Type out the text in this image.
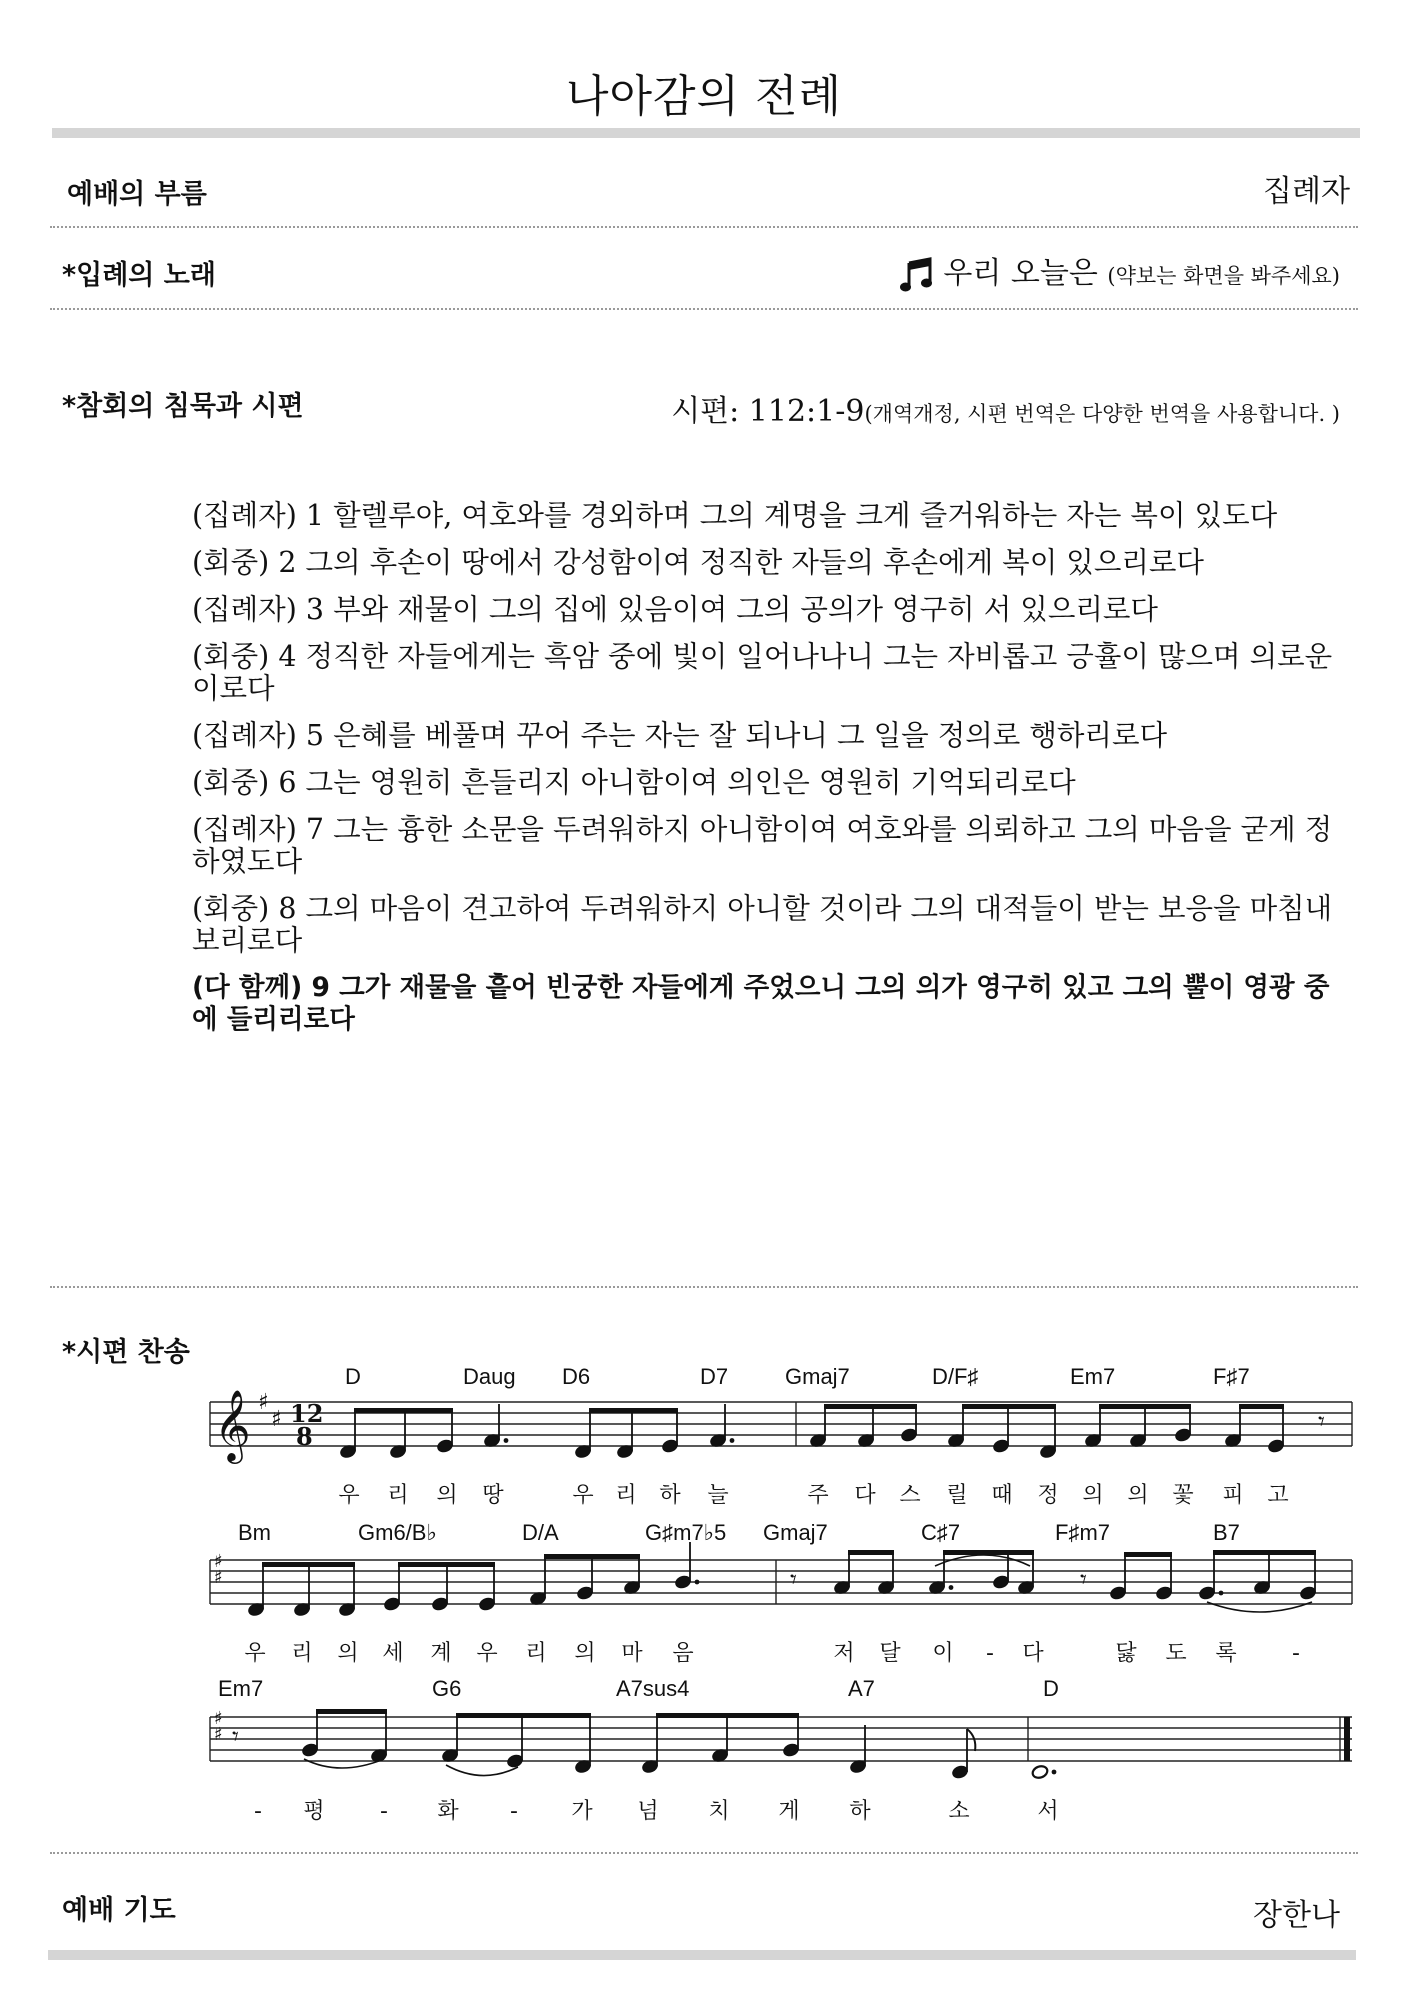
나아감의 전례
예배의 부름	집례자
*입례의 노래	우리 오늘은 (약보는 화면을 봐주세요)
*참회의 침묵과 시편	시편: 112:1-9(개역개정, 시편 번역은 다양한 번역을 사용합니다. )
(집례자) 1 할렐루야, 여호와를 경외하며 그의 계명을 크게 즐거워하는 자는 복이 있도다
(회중) 2 그의 후손이 땅에서 강성함이여 정직한 자들의 후손에게 복이 있으리로다
(집례자) 3 부와 재물이 그의 집에 있음이여 그의 공의가 영구히 서 있으리로다
(회중) 4 정직한 자들에게는 흑암 중에 빛이 일어나나니 그는 자비롭고 긍휼이 많으며 의로운 이로다
(집례자) 5 은혜를 베풀며 꾸어 주는 자는 잘 되나니 그 일을 정의로 행하리로다
(회중) 6 그는 영원히 흔들리지 아니함이여 의인은 영원히 기억되리로다
(집례자) 7 그는 흉한 소문을 두려워하지 아니함이여 여호와를 의뢰하고 그의 마음을 굳게 정하였도다
(회중) 8 그의 마음이 견고하여 두려워하지 아니할 것이라 그의 대적들이 받는 보응을 마침내 보리로다
(다 함께) 9 그가 재물을 흩어 빈궁한 자들에게 주었으니 그의 의가 영구히 있고 그의 뿔이 영광 중에 들리리로다
*시편 찬송
𝄞 ♯
♯ 12
8
♯
♯
♯
♯
D	Daug D6	D7	Gmaj7	D/F♯	Em7	F♯7
Bm	Gm6/B♭	D/A	G♯m7♭5 Gmaj7	C♯7	F♯m7	B7
Em7	G6	A7sus4	A7	D
𝄾
𝄾	𝄾
𝄾
우 리 의 땅	우 리 하 늘	주 다 스 릴 때 정 의 의 꽃 피 고
우 리 의 세 계 우 리 의 마 음	저 달 이 - 다	닳 도 록	-
- 평	- 화 - 가 넘 치 게 하	소	서
예배 기도	장한나
